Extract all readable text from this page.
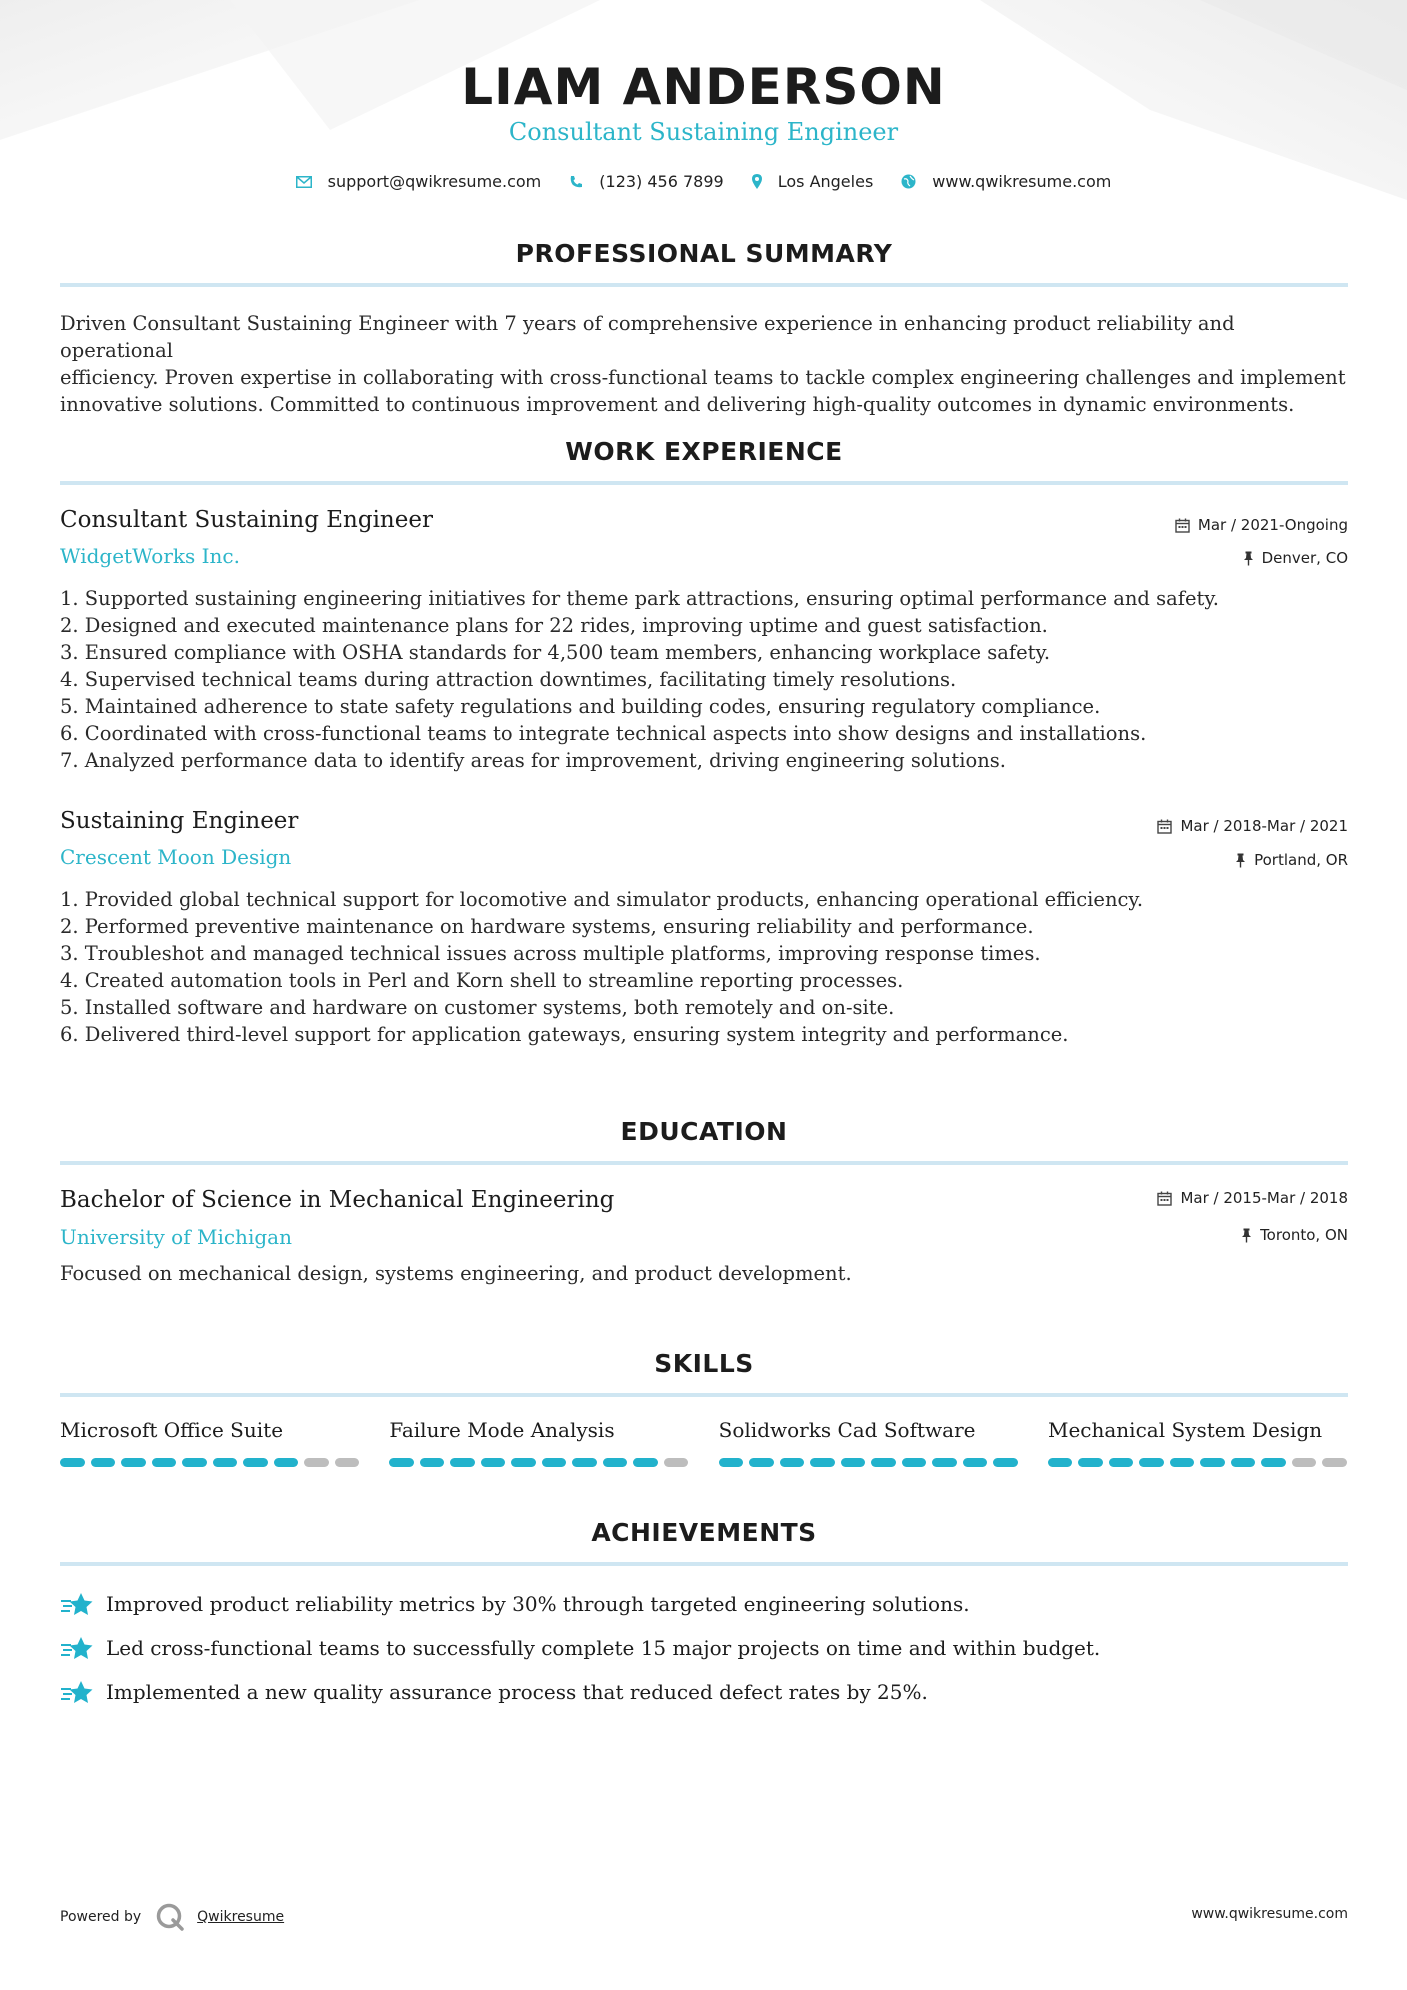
LIAM ANDERSON
Consultant Sustaining Engineer
support@qwikresume.com	(123) 456 7899	Los Angeles	www.qwikresume.com
PROFESSIONAL SUMMARY
Driven Consultant Sustaining Engineer with 7 years of comprehensive experience in enhancing product reliability and operational
efficiency. Proven expertise in collaborating with cross-functional teams to tackle complex engineering challenges and implement
innovative solutions. Committed to continuous improvement and delivering high-quality outcomes in dynamic environments.
WORK EXPERIENCE
Consultant Sustaining Engineer
WidgetWorks Inc.
Mar / 2021-Ongoing
Denver, CO
1. Supported sustaining engineering initiatives for theme park attractions, ensuring optimal performance and safety.
2. Designed and executed maintenance plans for 22 rides, improving uptime and guest satisfaction.
3. Ensured compliance with OSHA standards for 4,500 team members, enhancing workplace safety.
4. Supervised technical teams during attraction downtimes, facilitating timely resolutions.
5. Maintained adherence to state safety regulations and building codes, ensuring regulatory compliance.
6. Coordinated with cross-functional teams to integrate technical aspects into show designs and installations.
7. Analyzed performance data to identify areas for improvement, driving engineering solutions.
Sustaining Engineer
Crescent Moon Design
Mar / 2018-Mar / 2021
Portland, OR
1. Provided global technical support for locomotive and simulator products, enhancing operational efficiency.
2. Performed preventive maintenance on hardware systems, ensuring reliability and performance.
3. Troubleshot and managed technical issues across multiple platforms, improving response times.
4. Created automation tools in Perl and Korn shell to streamline reporting processes.
5. Installed software and hardware on customer systems, both remotely and on-site.
6. Delivered third-level support for application gateways, ensuring system integrity and performance.
EDUCATION
Bachelor of Science in Mechanical Engineering
University of Michigan
Mar / 2015-Mar / 2018
Toronto, ON
Focused on mechanical design, systems engineering, and product development.
SKILLS
Microsoft Office Suite	Failure Mode Analysis	Solidworks Cad Software	Mechanical System Design
ACHIEVEMENTS
Improved product reliability metrics by 30% through targeted engineering solutions.
Led cross-functional teams to successfully complete 15 major projects on time and within budget.
Implemented a new quality assurance process that reduced defect rates by 25%.
Powered by	Qwikresume	www.qwikresume.com
